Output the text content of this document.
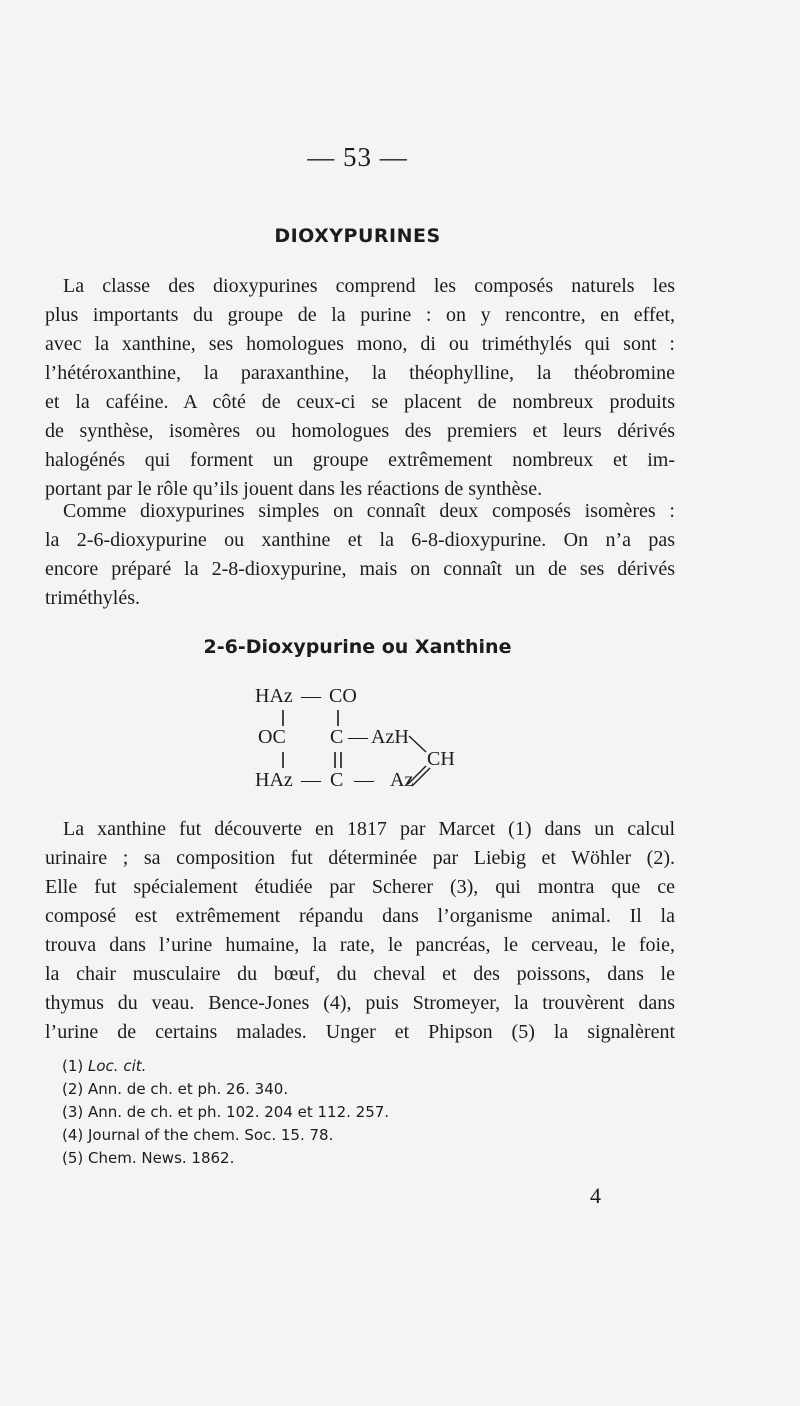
— 53 —
DIOXYPURINES
La classe des dioxypurines comprend les composés naturels les
plus importants du groupe de la purine : on y rencontre, en effet,
avec la xanthine, ses homologues mono, di ou triméthylés qui sont :
l’hétéroxanthine, la paraxanthine, la théophylline, la théobromine
et la caféine. A côté de ceux-ci se placent de nombreux produits
de synthèse, isomères ou homologues des premiers et leurs dérivés
halogénés qui forment un groupe extrêmement nombreux et im-
portant par le rôle qu’ils jouent dans les réactions de synthèse.
Comme dioxypurines simples on connaît deux composés isomères :
la 2-6-dioxypurine ou xanthine et la 6-8-dioxypurine. On n’a pas
encore préparé la 2-8-dioxypurine, mais on connaît un de ses dérivés
triméthylés.
2-6-Dioxypurine ou Xanthine
HAz — CO
OC C — AzH
CH
HAz — C — Az
La xanthine fut découverte en 1817 par Marcet (1) dans un calcul
urinaire ; sa composition fut déterminée par Liebig et Wöhler (2).
Elle fut spécialement étudiée par Scherer (3), qui montra que ce
composé est extrêmement répandu dans l’organisme animal. Il la
trouva dans l’urine humaine, la rate, le pancréas, le cerveau, le foie,
la chair musculaire du bœuf, du cheval et des poissons, dans le
thymus du veau. Bence-Jones (4), puis Stromeyer, la trouvèrent dans
l’urine de certains malades. Unger et Phipson (5) la signalèrent
(1) Loc. cit.
(2) Ann. de ch. et ph. 26. 340.
(3) Ann. de ch. et ph. 102. 204 et 112. 257.
(4) Journal of the chem. Soc. 15. 78.
(5) Chem. News. 1862.
4
